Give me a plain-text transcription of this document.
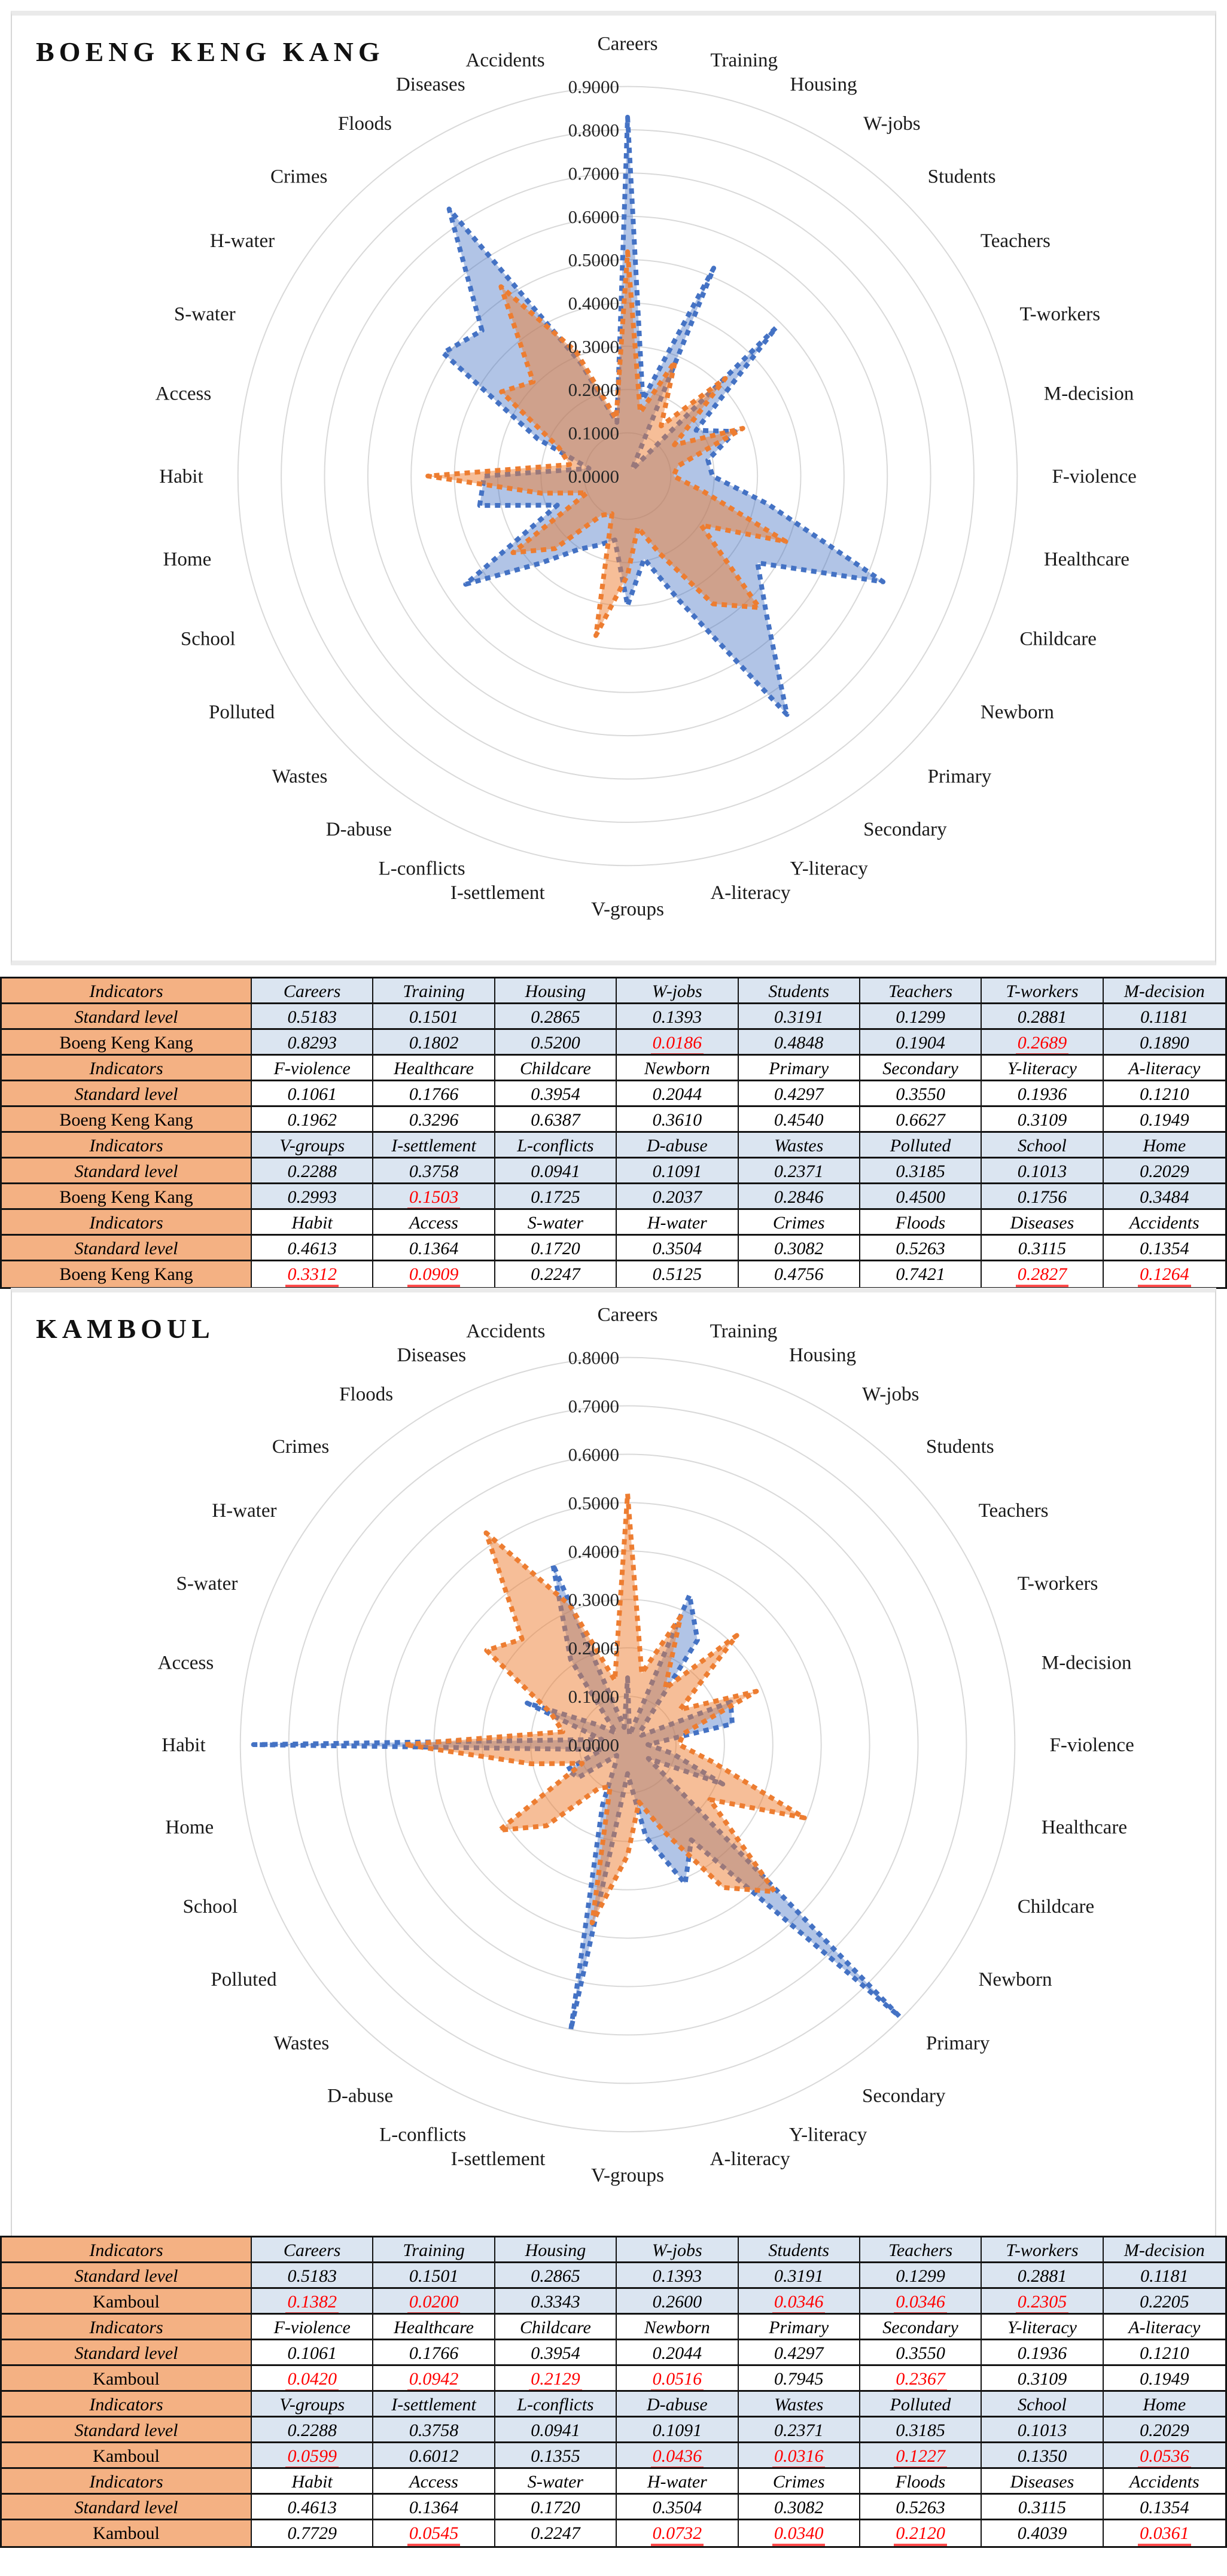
0.0000
0.1000
0.2000
0.3000
0.4000
0.5000
0.6000
0.7000
0.8000
0.9000
Careers
Training
Housing
W-jobs
Students
Teachers
T-workers
M-decision
F-violence
Healthcare
Childcare
Newborn
Primary
Secondary
Y-literacy
A-literacy
V-groups
I-settlement
L-conflicts
D-abuse
Wastes
Polluted
School
Home
Habit
Access
S-water
H-water
Crimes
Floods
Diseases
Accidents
BOENG KENG KANG
Indicators	Careers	Training	Housing	W-jobs	Students	Teachers	T-workers	M-decision
Standard level	0.5183	0.1501	0.2865	0.1393	0.3191	0.1299	0.2881	0.1181
Boeng Keng Kang	0.8293	0.1802	0.5200	0.0186	0.4848	0.1904	0.2689	0.1890
Indicators	F-violence	Healthcare	Childcare	Newborn	Primary	Secondary	Y-literacy	A-literacy
Standard level	0.1061	0.1766	0.3954	0.2044	0.4297	0.3550	0.1936	0.1210
Boeng Keng Kang	0.1962	0.3296	0.6387	0.3610	0.4540	0.6627	0.3109	0.1949
Indicators	V-groups	I-settlement	L-conflicts	D-abuse	Wastes	Polluted	School	Home
Standard level	0.2288	0.3758	0.0941	0.1091	0.2371	0.3185	0.1013	0.2029
Boeng Keng Kang	0.2993	0.1503	0.1725	0.2037	0.2846	0.4500	0.1756	0.3484
Indicators	Habit	Access	S-water	H-water	Crimes	Floods	Diseases	Accidents
Standard level	0.4613	0.1364	0.1720	0.3504	0.3082	0.5263	0.3115	0.1354
Boeng Keng Kang	0.3312	0.0909	0.2247	0.5125	0.4756	0.7421	0.2827	0.1264
0.0000
0.1000
0.2000
0.3000
0.4000
0.5000
0.6000
0.7000
0.8000
Careers
Training
Housing
W-jobs
Students
Teachers
T-workers
M-decision
F-violence
Healthcare
Childcare
Newborn
Primary
Secondary
Y-literacy
A-literacy
V-groups
I-settlement
L-conflicts
D-abuse
Wastes
Polluted
School
Home
Habit
Access
S-water
H-water
Crimes
Floods
Diseases
Accidents
KAMBOUL
Indicators	Careers	Training	Housing	W-jobs	Students	Teachers	T-workers	M-decision
Standard level	0.5183	0.1501	0.2865	0.1393	0.3191	0.1299	0.2881	0.1181
Kamboul	0.1382	0.0200	0.3343	0.2600	0.0346	0.0346	0.2305	0.2205
Indicators	F-violence	Healthcare	Childcare	Newborn	Primary	Secondary	Y-literacy	A-literacy
Standard level	0.1061	0.1766	0.3954	0.2044	0.4297	0.3550	0.1936	0.1210
Kamboul	0.0420	0.0942	0.2129	0.0516	0.7945	0.2367	0.3109	0.1949
Indicators	V-groups	I-settlement	L-conflicts	D-abuse	Wastes	Polluted	School	Home
Standard level	0.2288	0.3758	0.0941	0.1091	0.2371	0.3185	0.1013	0.2029
Kamboul	0.0599	0.6012	0.1355	0.0436	0.0316	0.1227	0.1350	0.0536
Indicators	Habit	Access	S-water	H-water	Crimes	Floods	Diseases	Accidents
Standard level	0.4613	0.1364	0.1720	0.3504	0.3082	0.5263	0.3115	0.1354
Kamboul	0.7729	0.0545	0.2247	0.0732	0.0340	0.2120	0.4039	0.0361
